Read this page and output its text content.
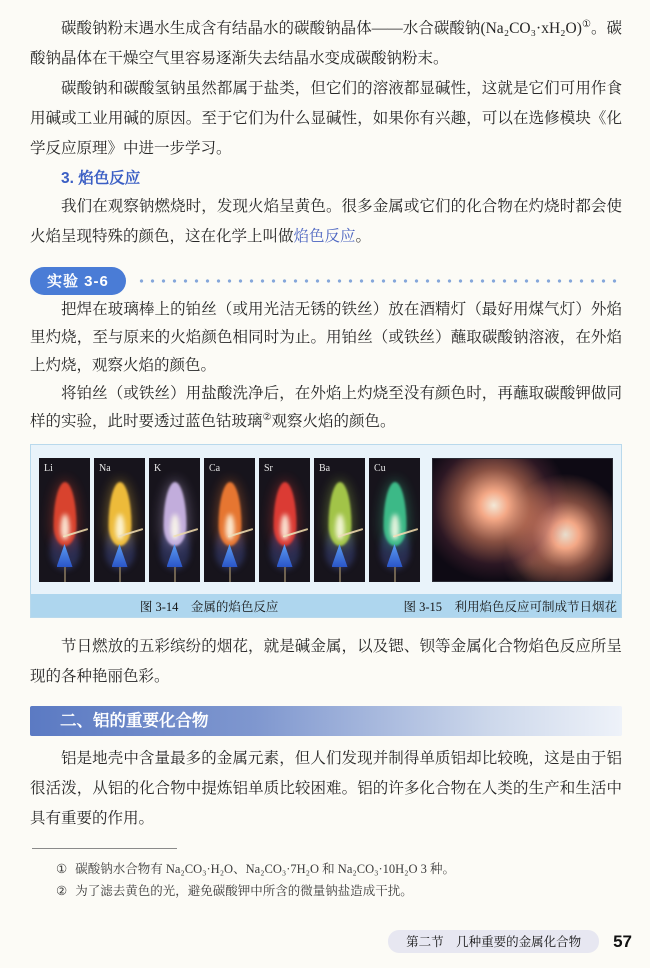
碳酸钠粉末遇水生成含有结晶水的碳酸钠晶体——水合碳酸钠(Na₂CO₃·xH₂O)①。碳酸钠晶体在干燥空气里容易逐渐失去结晶水变成碳酸钠粉末。

碳酸钠和碳酸氢钠虽然都属于盐类，但它们的溶液都显碱性，这就是它们可用作食用碱或工业用碱的原因。至于它们为什么显碱性，如果你有兴趣，可以在选修模块《化学反应原理》中进一步学习。

3. 焰色反应

我们在观察钠燃烧时，发现火焰呈黄色。很多金属或它们的化合物在灼烧时都会使火焰呈现特殊的颜色，这在化学上叫做焰色反应。

实验 3-6

把焊在玻璃棒上的铂丝（或用光洁无锈的铁丝）放在酒精灯（最好用煤气灯）外焰里灼烧，至与原来的火焰颜色相同时为止。用铂丝（或铁丝）蘸取碳酸钠溶液，在外焰上灼烧，观察火焰的颜色。

将铂丝（或铁丝）用盐酸洗净后，在外焰上灼烧至没有颜色时，再蘸取碳酸钾做同样的实验，此时要透过蓝色钴玻璃②观察火焰的颜色。

Li	Na	K	Ca	Sr	Ba	Cu
图 3-14　金属的焰色反应	图 3-15　利用焰色反应可制成节日烟花

节日燃放的五彩缤纷的烟花，就是碱金属，以及锶、钡等金属化合物焰色反应所呈现的各种艳丽色彩。

二、铝的重要化合物

铝是地壳中含量最多的金属元素，但人们发现并制得单质铝却比较晚，这是由于铝很活泼，从铝的化合物中提炼铝单质比较困难。铝的许多化合物在人类的生产和生活中具有重要的作用。

① 碳酸钠水合物有 Na₂CO₃·H₂O、Na₂CO₃·7H₂O 和 Na₂CO₃·10H₂O 3 种。
② 为了滤去黄色的光，避免碳酸钾中所含的微量钠盐造成干扰。
第二节　几种重要的金属化合物	57
